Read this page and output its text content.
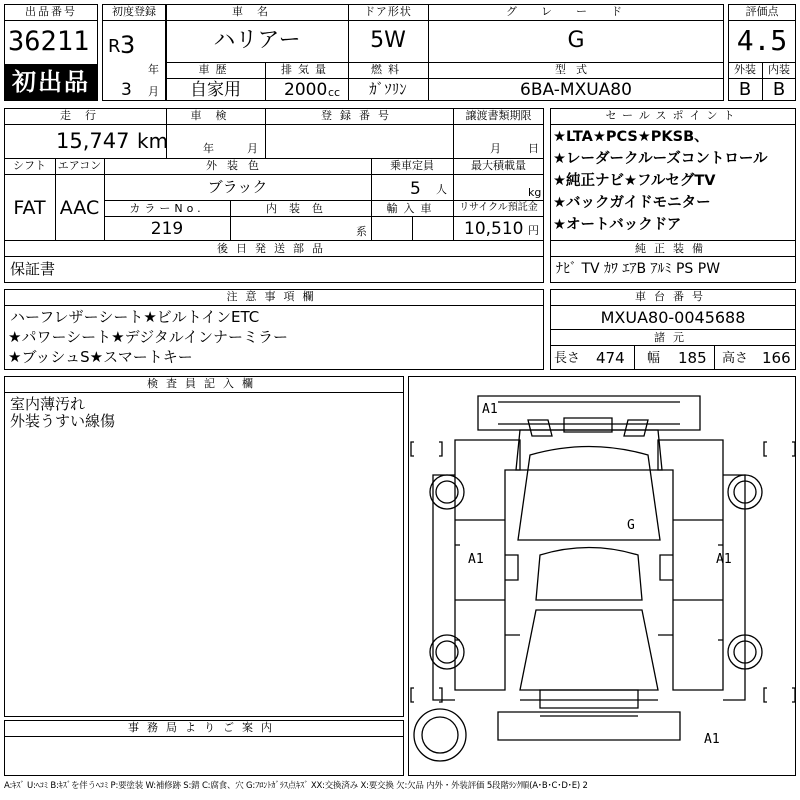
出品番号
36211
初出品
初度登録
R 3
年
3 月
車名
ハリアー
ドア形状
5W
グレード
G
車歴
自家用
排気量
2000 cc
燃料
ｶﾞｿﾘﾝ
型式
6BA-MXUA80
評価点
4.5
外装	内装
B	B
走行
15,747 km
車検
年	月
登録番号	譲渡書類期限
月 日
シフト
FAT
エアコン
AAC
外装色
ブラック
乗車定員
5 人
最大積載量
kg
カラーNo.
219
内装色
系
輸入車	リサイクル預託金
10,510 円
後日発送部品
保証書
セールスポイント
★LTA★PCS★PKSB、
★レーダークルーズコントロール
★純正ナビ★フルセグTV
★バックガイドモニター
★オートバックドア
純正装備
ﾅﾋﾞ TV ｶﾜ ｴｱB ｱﾙﾐ PS PW
注意事項欄
ハーフレザーシート★ビルトインETC
★パワーシート★デジタルインナーミラー
★ブッシュS★スマートキー
車台番号
MXUA80-0045688
諸元
長さ 474 幅 185 高さ 166
検査員記入欄
室内薄汚れ
外装うすい線傷
事務局よりご案内
A1
A1	A1
G
A1
A:ｷｽﾞ U:ﾍｺﾐ B:ｷｽﾞを伴うﾍｺﾐ P:要塗装 W:補修跡 S:錆 C:腐食、穴 G:ﾌﾛﾝﾄｶﾞﾗｽ点ｷｽﾞ XX:交換済み X:要交換 欠:欠品 内外・外装評価 5段階ﾗﾝｸ順(A･B･C･D･E) 2
